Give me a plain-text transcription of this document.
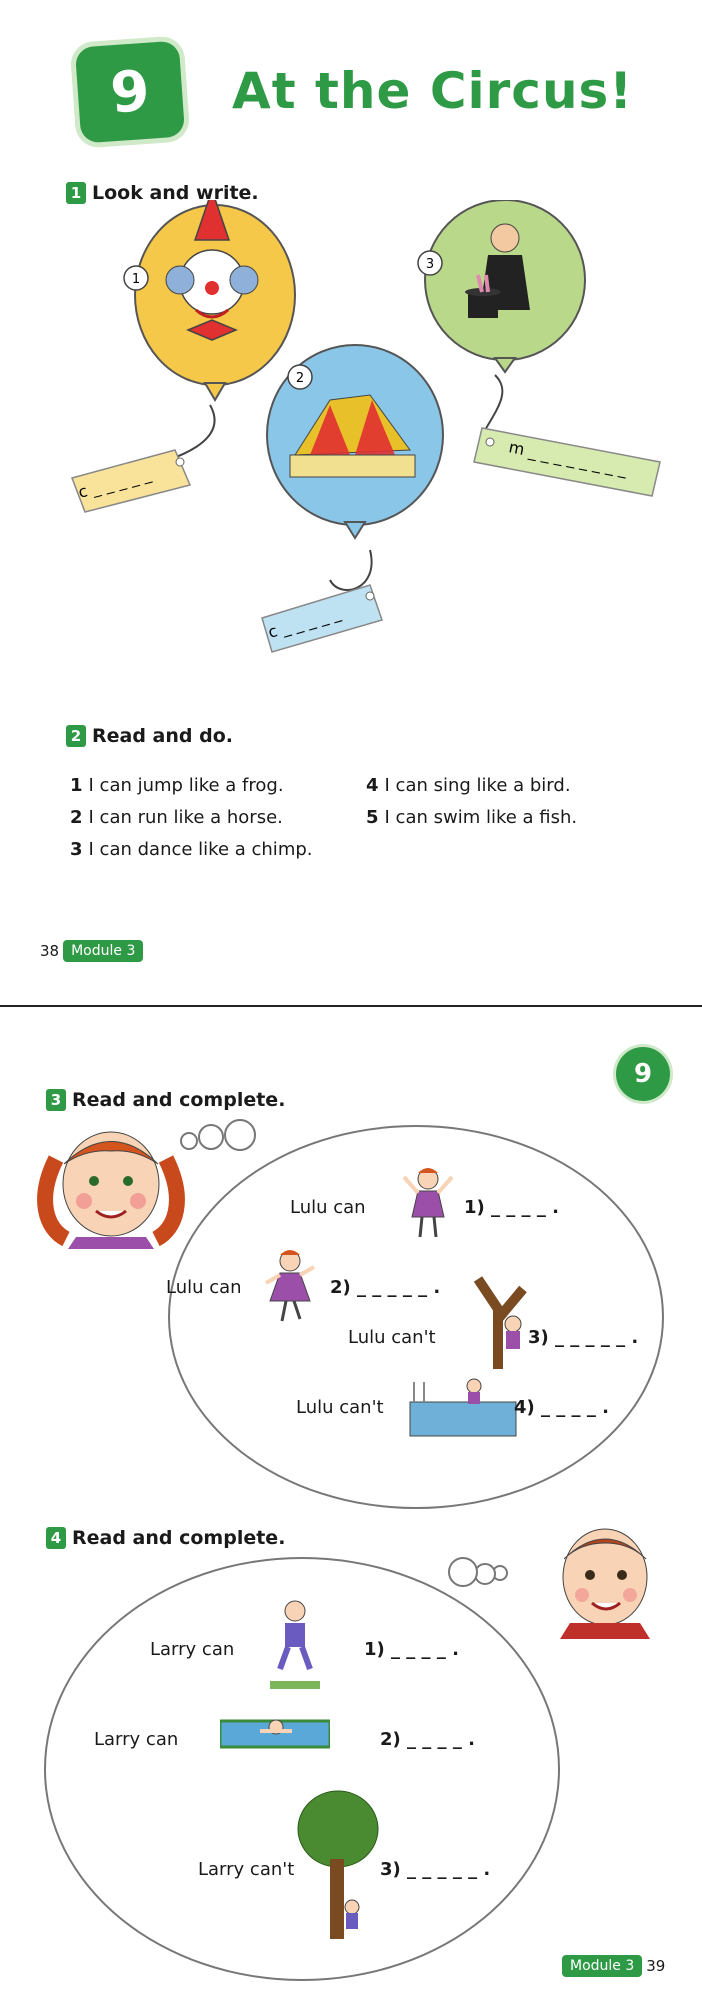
9	At the Circus!
1 Look and write.
1
2
3
c _ _ _ _ _
c _ _ _ _ _
m _ _ _ _ _ _ _ _
2 Read and do.
1 I can jump like a frog.
2 I can run like a horse.
3 I can dance like a chimp.
4 I can sing like a bird.
5 I can swim like a fish.
38 Module 3
9
3 Read and complete.
Lulu can	1) _ _ _ _ .
Lulu can	2) _ _ _ _ _ .
Lulu can't	3) _ _ _ _ _ .
Lulu can't	4) _ _ _ _ .
4 Read and complete.
Larry can	1) _ _ _ _ .
Larry can	2) _ _ _ _ .
Larry can't	3) _ _ _ _ _ .
Module 3 39
